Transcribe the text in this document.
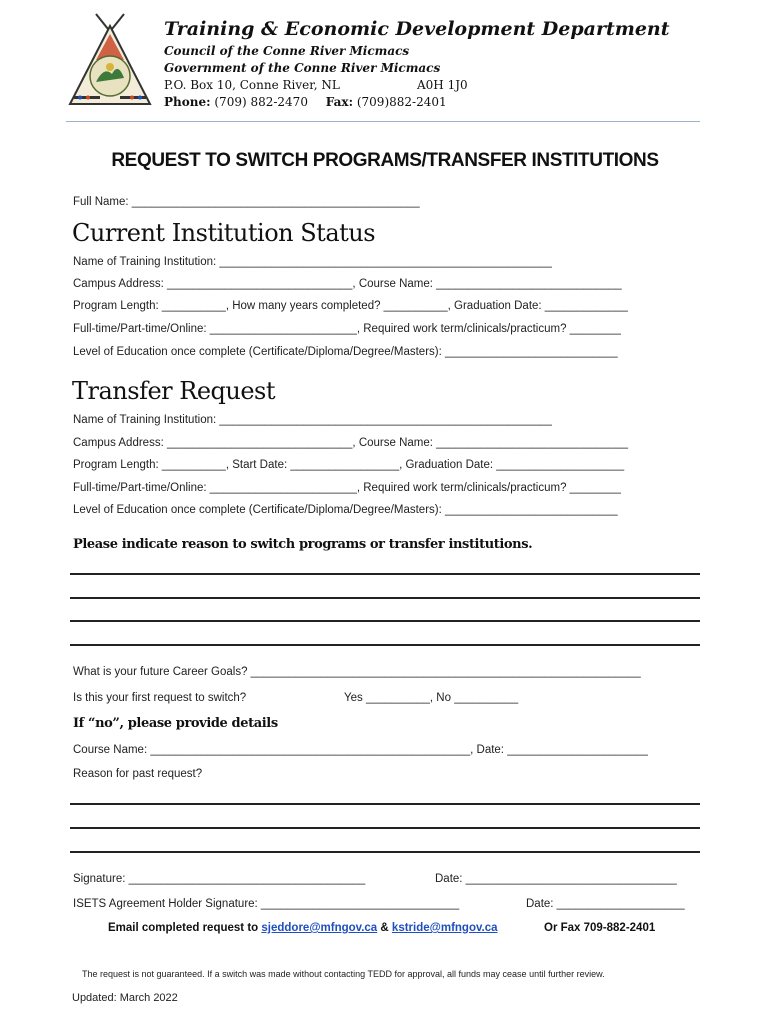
Training & Economic Development Department
Council of the Conne River Micmacs
Government of the Conne River Micmacs
P.O. Box 10, Conne River, NL	A0H 1J0
Phone: (709) 882-2470 Fax: (709)882-2401
REQUEST TO SWITCH PROGRAMS/TRANSFER INSTITUTIONS
Full Name: _____________________________________________
Current Institution Status
Name of Training Institution: ____________________________________________________
Campus Address: _____________________________, Course Name: _____________________________
Program Length: __________, How many years completed? __________, Graduation Date: _____________
Full-time/Part-time/Online: _______________________, Required work term/clinicals/practicum? ________
Level of Education once complete (Certificate/Diploma/Degree/Masters): ___________________________
Transfer Request
Name of Training Institution: ____________________________________________________
Campus Address: _____________________________, Course Name: ______________________________
Program Length: __________, Start Date: _________________, Graduation Date: ____________________
Full-time/Part-time/Online: _______________________, Required work term/clinicals/practicum? ________
Level of Education once complete (Certificate/Diploma/Degree/Masters): ___________________________
Please indicate reason to switch programs or transfer institutions.
What is your future Career Goals? _____________________________________________________________
Is this your first request to switch?	Yes __________, No __________
If “no”, please provide details
Course Name: __________________________________________________, Date: ______________________
Reason for past request?
Signature: _____________________________________	Date: _________________________________
ISETS Agreement Holder Signature: _______________________________	Date: ____________________
Email completed request to sjeddore@mfngov.ca & kstride@mfngov.ca	Or Fax 709-882-2401
The request is not guaranteed. If a switch was made without contacting TEDD for approval, all funds may cease until further review.
Updated: March 2022
